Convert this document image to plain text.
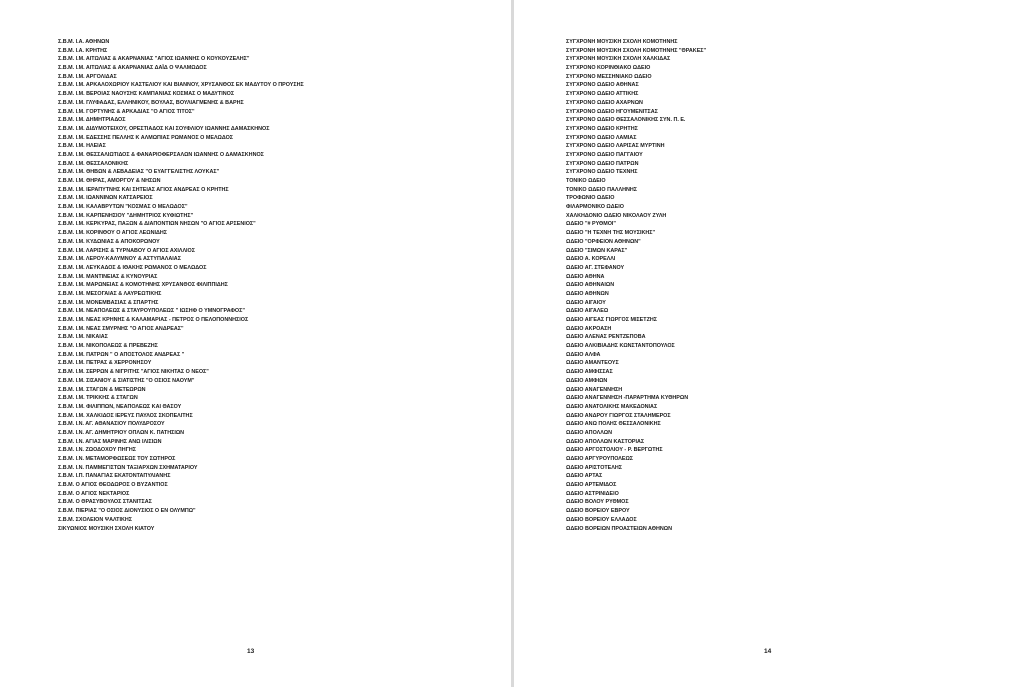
Σ.Β.Μ. Ι.Α. ΑΘΗΝΩΝ
Σ.Β.Μ. Ι.Α. ΚΡΗΤΗΣ
Σ.Β.Μ. Ι.Μ. ΑΙΤΩΛΙΑΣ & ΑΚΑΡΝΑΝΙΑΣ "ΑΓΙΟΣ ΙΩΑΝΝΗΣ Ο ΚΟΥΚΟΥΖΕΛΗΣ"
Σ.Β.Μ. Ι.Μ. ΑΙΤΩΛΙΑΣ & ΑΚΑΡΝΑΝΙΑΣ ΔΑΪΔ Ο ΨΑΛΜΩΔΟΣ
Σ.Β.Μ. Ι.Μ. ΑΡΓΟΛΙΔΑΣ
Σ.Β.Μ. Ι.Μ. ΑΡΚΑΛΟΧΩΡΙΟΥ ΚΑΣΤΕΛΙΟΥ ΚΑΙ ΒΙΑΝΝΟΥ, ΧΡΥΣΑΝΘΟΣ ΕΚ ΜΑΔΥΤΟΥ Ο ΠΡΟΥΣΗΣ
Σ.Β.Μ. Ι.Μ. ΒΕΡΟΙΑΣ ΝΑΟΥΣΗΣ ΚΑΜΠΑΝΙΑΣ ΚΟΣΜΑΣ Ο ΜΑΔΥΤΙΝΟΣ
Σ.Β.Μ. Ι.Μ. ΓΛΥΦΑΔΑΣ, ΕΛΛΗΝΙΚΟΥ, ΒΟΥΛΑΣ, ΒΟΥΛΙΑΓΜΕΝΗΣ & ΒΑΡΗΣ
Σ.Β.Μ. Ι.Μ. ΓΟΡΤΥΝΗΣ & ΑΡΚΑΔΙΑΣ "Ο ΑΓΙΟΣ ΤΙΤΟΣ"
Σ.Β.Μ. Ι.Μ. ΔΗΜΗΤΡΙΑΔΟΣ
Σ.Β.Μ. Ι.Μ. ΔΙΔΥΜΟΤΕΙΧΟΥ, ΟΡΕΣΤΙΑΔΟΣ ΚΑΙ ΣΟΥΦΛΙΟΥ ΙΩΑΝΝΗΣ ΔΑΜΑΣΚΗΝΟΣ
Σ.Β.Μ. Ι.Μ. ΕΔΕΣΣΗΣ ΠΕΛΛΗΣ Κ ΑΛΜΩΠΙΑΣ ΡΩΜΑΝΟΣ Ο ΜΕΛΩΔΟΣ
Σ.Β.Μ. Ι.Μ. ΗΛΕΙΑΣ
Σ.Β.Μ. Ι.Μ. ΘΕΣΣΑΛΙΩΤΙΔΟΣ & ΦΑΝΑΡΙΟΦΕΡΣΑΛΩΝ ΙΩΑΝΝΗΣ Ο ΔΑΜΑΣΚΗΝΟΣ
Σ.Β.Μ. Ι.Μ. ΘΕΣΣΑΛΟΝΙΚΗΣ
Σ.Β.Μ. Ι.Μ. ΘΗΒΩΝ & ΛΕΒΑΔΕΙΑΣ "Ο ΕΥΑΓΓΕΛΙΣΤΗΣ ΛΟΥΚΑΣ"
Σ.Β.Μ. Ι.Μ. ΘΗΡΑΣ, ΑΜΟΡΓΟΥ & ΝΗΣΩΝ
Σ.Β.Μ. Ι.Μ. ΙΕΡΑΠΥΤΝΗΣ ΚΑΙ ΣΗΤΕΙΑΣ ΑΓΙΟΣ ΑΝΔΡΕΑΣ Ο ΚΡΗΤΗΣ
Σ.Β.Μ. Ι.Μ. ΙΩΑΝΝΙΝΩΝ ΚΑΤΣΑΡΕΙΟΣ
Σ.Β.Μ. Ι.Μ. ΚΑΛΑΒΡΥΤΩΝ "ΚΟΣΜΑΣ Ο ΜΕΛΩΔΟΣ"
Σ.Β.Μ. Ι.Μ. ΚΑΡΠΕΝΗΣΙΟΥ "ΔΗΜΗΤΡΙΟΣ ΚΥΦΙΩΤΗΣ"
Σ.Β.Μ. Ι.Μ. ΚΕΡΚΥΡΑΣ, ΠΑΞΩΝ & ΔΙΑΠΟΝΤΙΩΝ ΝΗΣΩΝ "Ο ΑΓΙΟΣ ΑΡΣΕΝΙΟΣ"
Σ.Β.Μ. Ι.Μ. ΚΟΡΙΝΘΟΥ Ο ΑΓΙΟΣ ΛΕΩΝΙΔΗΣ
Σ.Β.Μ. Ι.Μ. ΚΥΔΩΝΙΑΣ & ΑΠΟΚΟΡΩΝΟΥ
Σ.Β.Μ. Ι.Μ. ΛΑΡΙΣΗΣ & ΤΥΡΝΑΒΟΥ Ο ΑΓΙΟΣ ΑΧΙΛΛΙΟΣ
Σ.Β.Μ. Ι.Μ. ΛΕΡΟΥ-ΚΑΛΥΜΝΟΥ & ΑΣΤΥΠΑΛΑΙΑΣ
Σ.Β.Μ. Ι.Μ. ΛΕΥΚΑΔΟΣ & ΙΘΑΚΗΣ ΡΩΜΑΝΟΣ Ο ΜΕΛΩΔΟΣ
Σ.Β.Μ. Ι.Μ. ΜΑΝΤΙΝΕΙΑΣ & ΚΥΝΟΥΡΙΑΣ
Σ.Β.Μ. Ι.Μ. ΜΑΡΩΝΕΙΑΣ & ΚΟΜΟΤΗΝΗΣ ΧΡΥΣΑΝΘΟΣ ΦΙΛΙΠΠΙΔΗΣ
Σ.Β.Μ. Ι.Μ. ΜΕΣΟΓΑΙΑΣ & ΛΑΥΡΕΩΤΙΚΗΣ
Σ.Β.Μ. Ι.Μ. ΜΟΝΕΜΒΑΣΙΑΣ & ΣΠΑΡΤΗΣ
Σ.Β.Μ. Ι.Μ. ΝΕΑΠΟΛΕΩΣ & ΣΤΑΥΡΟΥΠΟΛΕΩΣ " ΙΩΣΗΦ Ο ΥΜΝΟΓΡΑΦΟΣ"
Σ.Β.Μ. Ι.Μ. ΝΕΑΣ ΚΡΗΝΗΣ & ΚΑΛΑΜΑΡΙΑΣ - ΠΕΤΡΟΣ Ο ΠΕΛΟΠΟΝΝΗΣΙΟΣ
Σ.Β.Μ. Ι.Μ. ΝΕΑΣ ΣΜΥΡΝΗΣ "Ο ΑΓΙΟΣ ΑΝΔΡΕΑΣ"
Σ.Β.Μ. Ι.Μ. ΝΙΚΑΙΑΣ
Σ.Β.Μ. Ι.Μ. ΝΙΚΟΠΟΛΕΩΣ & ΠΡΕΒΕΖΗΣ
Σ.Β.Μ. Ι.Μ. ΠΑΤΡΩΝ " Ο ΑΠΟΣΤΟΛΟΣ ΑΝΔΡΕΑΣ "
Σ.Β.Μ. Ι.Μ. ΠΕΤΡΑΣ & ΧΕΡΡΟΝΗΣΟΥ
Σ.Β.Μ. Ι.Μ. ΣΕΡΡΩΝ & ΝΙΓΡΙΤΗΣ "ΑΓΙΟΣ ΝΙΚΗΤΑΣ Ο ΝΕΟΣ"
Σ.Β.Μ. Ι.Μ. ΣΙΣΑΝΙΟΥ & ΣΙΑΤΙΣΤΗΣ "Ο ΟΣΙΟΣ ΝΑΟΥΜ"
Σ.Β.Μ. Ι.Μ. ΣΤΑΓΩΝ & ΜΕΤΕΩΡΩΝ
Σ.Β.Μ. Ι.Μ. ΤΡΙΚΚΗΣ & ΣΤΑΓΩΝ
Σ.Β.Μ. Ι.Μ. ΦΙΛΙΠΠΩΝ, ΝΕΑΠΟΛΕΩΣ ΚΑΙ ΘΑΣΟΥ
Σ.Β.Μ. Ι.Μ. ΧΑΛΚΙΔΟΣ ΙΕΡΕΥΣ ΠΑΥΛΟΣ ΣΚΟΠΕΛΙΤΗΣ
Σ.Β.Μ. Ι.Ν. ΑΓ. ΑΘΑΝΑΣΙΟΥ ΠΟΛΥΔΡΟΣΟΥ
Σ.Β.Μ. Ι.Ν. ΑΓ. ΔΗΜΗΤΡΙΟΥ ΟΠΛΩΝ Κ. ΠΑΤΗΣΙΩΝ
Σ.Β.Μ. Ι.Ν. ΑΓΙΑΣ ΜΑΡΙΝΗΣ ΑΝΩ ΙΛΙΣΙΩΝ
Σ.Β.Μ. Ι.Ν. ΖΩΟΔΟΧΟΥ ΠΗΓΗΣ
Σ.Β.Μ. Ι.Ν. ΜΕΤΑΜΟΡΦΩΣΕΩΣ ΤΟΥ ΣΩΤΗΡΟΣ
Σ.Β.Μ. Ι.Ν. ΠΑΜΜΕΓΙΣΤΩΝ ΤΑΞΙΑΡΧΩΝ ΣΧΗΜΑΤΑΡΙΟΥ
Σ.Β.Μ. Ι.Π. ΠΑΝΑΓΙΑΣ ΕΚΑΤΟΝΤΑΠΥΛΙΑΝΗΣ
Σ.Β.Μ. Ο ΑΓΙΟΣ ΘΕΟΔΩΡΟΣ Ο ΒΥΖΑΝΤΙΟΣ
Σ.Β.Μ. Ο ΑΓΙΟΣ ΝΕΚΤΑΡΙΟΣ
Σ.Β.Μ. Ο ΘΡΑΣΥΒΟΥΛΟΣ ΣΤΑΝΙΤΣΑΣ
Σ.Β.Μ. ΠΙΕΡΙΑΣ "Ο ΟΣΙΟΣ ΔΙΟΝΥΣΙΟΣ Ο ΕΝ ΟΛΥΜΠΩ"
Σ.Β.Μ. ΣΧΟΛΕΙΟΝ ΨΑΛΤΙΚΗΣ
ΣΙΚΥΩΝΙΟΣ ΜΟΥΣΙΚΗ ΣΧΟΛΗ ΚΙΑΤΟΥ
13
ΣΥΓΧΡΟΝΗ ΜΟΥΣΙΚΗ ΣΧΟΛΗ ΚΟΜΟΤΗΝΗΣ
ΣΥΓΧΡΟΝΗ ΜΟΥΣΙΚΗ ΣΧΟΛΗ ΚΟΜΟΤΗΝΗΣ "ΘΡΑΚΕΣ"
ΣΥΓΧΡΟΝΗ ΜΟΥΣΙΚΗ ΣΧΟΛΗ ΧΑΛΚΙΔΑΣ
ΣΥΓΧΡΟΝΟ ΚΟΡΙΝΘΙΑΚΟ ΩΔΕΙΟ
ΣΥΓΧΡΟΝΟ ΜΕΣΣΗΝΙΑΚΟ ΩΔΕΙΟ
ΣΥΓΧΡΟΝΟ ΩΔΕΙΟ ΑΘΗΝΑΣ
ΣΥΓΧΡΟΝΟ ΩΔΕΙΟ ΑΤΤΙΚΗΣ
ΣΥΓΧΡΟΝΟ ΩΔΕΙΟ ΑΧΑΡΝΩΝ
ΣΥΓΧΡΟΝΟ ΩΔΕΙΟ ΗΓΟΥΜΕΝΙΤΣΑΣ
ΣΥΓΧΡΟΝΟ ΩΔΕΙΟ ΘΕΣΣΑΛΟΝΙΚΗΣ ΣΥΝ. Π. Ε.
ΣΥΓΧΡΟΝΟ ΩΔΕΙΟ ΚΡΗΤΗΣ
ΣΥΓΧΡΟΝΟ ΩΔΕΙΟ ΛΑΜΙΑΣ
ΣΥΓΧΡΟΝΟ ΩΔΕΙΟ ΛΑΡΙΣΑΣ ΜΥΡΤΙΝΗ
ΣΥΓΧΡΟΝΟ ΩΔΕΙΟ ΠΑΓΓΑΙΟΥ
ΣΥΓΧΡΟΝΟ ΩΔΕΙΟ ΠΑΤΡΩΝ
ΣΥΓΧΡΟΝΟ ΩΔΕΙΟ ΤΕΧΝΗΣ
ΤΟΝΙΚΟ ΩΔΕΙΟ
ΤΟΝΙΚΟ ΩΔΕΙΟ ΠΑΛΛΗΝΗΣ
ΤΡΟΦΩΝΙΟ ΩΔΕΙΟ
ΦΙΛΑΡΜΟΝΙΚΟ ΩΔΕΙΟ
ΧΑΛΚΗΔΟΝΙΟ ΩΔΕΙΟ ΝΙΚΟΛΑΟΥ ΖΥΛΗ
ΩΔΕΙΟ "# ΡΥΘΜΟΙ"
ΩΔΕΙΟ "Η ΤΕΧΝΗ ΤΗΣ ΜΟΥΣΙΚΗΣ"
ΩΔΕΙΟ "ΟΡΦΕΙΟΝ ΑΘΗΝΩΝ"
ΩΔΕΙΟ "ΣΙΜΩΝ ΚΑΡΑΣ"
ΩΔΕΙΟ Α. ΚΟΡΕΛΛΙ
ΩΔΕΙΟ ΑΓ. ΣΤΕΦΑΝΟΥ
ΩΔΕΙΟ ΑΘΗΝΑ
ΩΔΕΙΟ ΑΘΗΝΑΙΩΝ
ΩΔΕΙΟ ΑΘΗΝΩΝ
ΩΔΕΙΟ ΑΙΓΑΙΟΥ
ΩΔΕΙΟ ΑΙΓΑΛΕΩ
ΩΔΕΙΟ ΑΙΓΕΑΣ ΓΙΩΡΓΟΣ ΜΙΣΕΤΖΗΣ
ΩΔΕΙΟ ΑΚΡΟΑΣΗ
ΩΔΕΙΟ ΑΛΕΝΑΣ ΡΕΝΤΖΕΠΟΒΑ
ΩΔΕΙΟ ΑΛΚΙΒΙΑΔΗΣ ΚΩΝΣΤΑΝΤΟΠΟΥΛΟΣ
ΩΔΕΙΟ ΑΛΦΑ
ΩΔΕΙΟ ΑΜΑΝΤΕΟΥΣ
ΩΔΕΙΟ ΑΜΦΙΣΣΑΣ
ΩΔΕΙΟ ΑΜΦΙΩΝ
ΩΔΕΙΟ ΑΝΑΓΕΝΝΗΣΗ
ΩΔΕΙΟ ΑΝΑΓΕΝΝΗΣΗ -ΠΑΡΑΡΤΗΜΑ ΚΥΘΗΡΩΝ
ΩΔΕΙΟ ΑΝΑΤΟΛΙΚΗΣ ΜΑΚΕΔΟΝΙΑΣ
ΩΔΕΙΟ ΑΝΔΡΟΥ ΓΙΩΡΓΟΣ ΣΤΑΛΗΜΕΡΟΣ
ΩΔΕΙΟ ΑΝΩ ΠΟΛΗΣ ΘΕΣΣΑΛΟΝΙΚΗΣ
ΩΔΕΙΟ ΑΠΟΛΛΩΝ
ΩΔΕΙΟ ΑΠΟΛΛΩΝ ΚΑΣΤΟΡΙΑΣ
ΩΔΕΙΟ ΑΡΓΟΣΤΟΛΙΟΥ - Ρ. ΒΕΡΓΩΤΗΣ
ΩΔΕΙΟ ΑΡΓΥΡΟΥΠΟΛΕΩΣ
ΩΔΕΙΟ ΑΡΙΣΤΟΤΕΛΗΣ
ΩΔΕΙΟ ΑΡΤΑΣ
ΩΔΕΙΟ ΑΡΤΕΜΙΔΟΣ
ΩΔΕΙΟ ΑΣΤΡΙΝΙΔΕΙΟ
ΩΔΕΙΟ ΒΟΛΟΥ ΡΥΘΜΟΣ
ΩΔΕΙΟ ΒΟΡΕΙΟΥ ΕΒΡΟΥ
ΩΔΕΙΟ ΒΟΡΕΙΟΥ ΕΛΛΑΔΟΣ
ΩΔΕΙΟ ΒΟΡΕΙΩΝ ΠΡΟΑΣΤΕΙΩΝ ΑΘΗΝΩΝ
14
